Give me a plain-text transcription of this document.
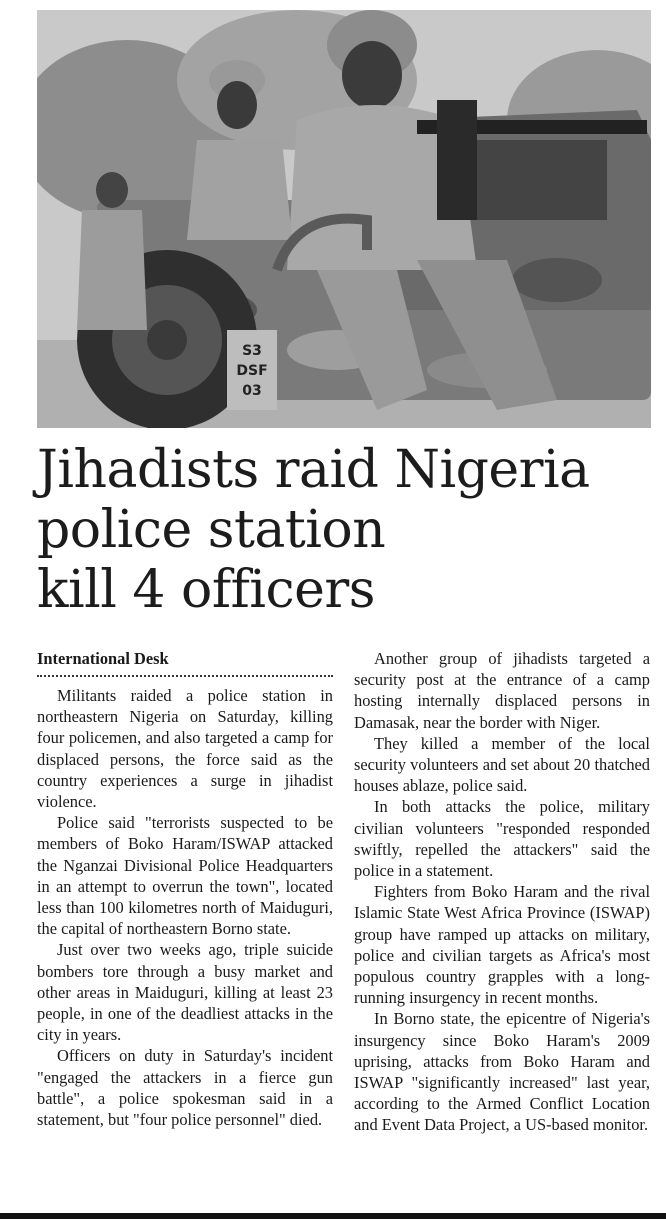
S3
DSF
03
Jihadists raid Nigeria
police station
kill 4 officers
International Desk

Militants raided a police station in northeastern Nigeria on Saturday, killing four policemen, and also targeted a camp for displaced persons, the force said as the country experiences a surge in jihadist violence.

Police said "terrorists suspected to be members of Boko Haram/ISWAP attacked the Nganzai Divisional Police Headquarters in an attempt to overrun the town", located less than 100 kilometres north of Maiduguri, the capital of northeastern Borno state.

Just over two weeks ago, triple suicide bombers tore through a busy market and other areas in Maiduguri, killing at least 23 people, in one of the deadliest attacks in the city in years.

Officers on duty in Saturday's incident "engaged the attackers in a fierce gun battle", a police spokesman said in a statement, but "four police personnel" died.

Another group of jihadists targeted a security post at the entrance of a camp hosting internally displaced persons in Damasak, near the border with Niger.

They killed a member of the local security volunteers and set about 20 thatched houses ablaze, police said.

In both attacks the police, military civilian volunteers "responded responded swiftly, repelled the attackers" said the police in a statement.

Fighters from Boko Haram and the rival Islamic State West Africa Province (ISWAP) group have ramped up attacks on military, police and civilian targets as Africa's most populous country grapples with a long-running insurgency in recent months.

In Borno state, the epicentre of Nigeria's insurgency since Boko Haram's 2009 uprising, attacks from Boko Haram and ISWAP "significantly increased" last year, according to the Armed Conflict Location and Event Data Project, a US-based monitor.
